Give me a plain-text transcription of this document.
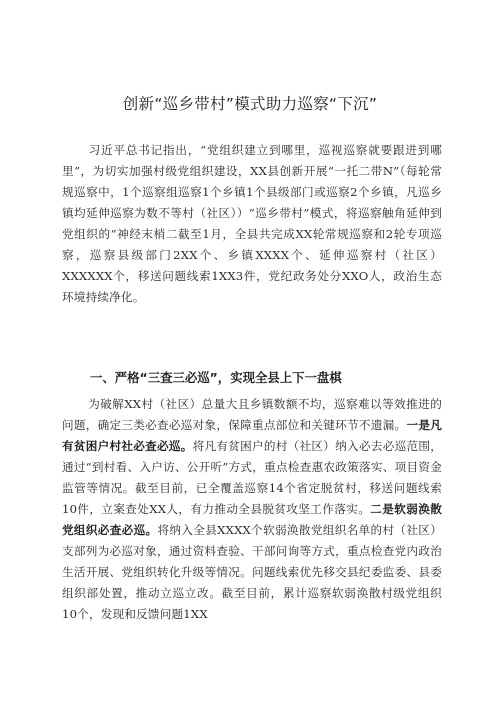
创新“巡乡带村”模式助力巡察“下沉”
习近平总书记指出，“党组织建立到哪里，巡视巡察就要跟进到哪里”，为切实加强村级党组织建设，XX县创新开展“一托二带N”（每轮常规巡察中，1个巡察组巡察1个乡镇1个县级部门或巡察2个乡镇，凡巡乡镇均延伸巡察为数不等村（社区））“巡乡带村”模式，将巡察触角延伸到党组织的“神经末梢二截至1月，全县共完成XX轮常规巡察和2轮专项巡察，巡察县级部门2XX个、乡镇XXXX个、延伸巡察村（社区）XXXXXX个，移送问题线索1XX3件，党纪政务处分XXO人，政治生态环境持续净化。
一、严格“三查三必巡”，实现全县上下一盘棋
为破解XX村（社区）总量大且乡镇数额不均，巡察难以等效推进的问题，确定三类必查必巡对象，保障重点部位和关键环节不遗漏。一是凡有贫困户村社必查必巡。将凡有贫困户的村（社区）纳入必去必巡范围，通过“到村看、入户访、公开听”方式，重点检查惠农政策落实、项目资金监管等情况。截至目前，已全覆盖巡察14个省定脱贫村，移送问题线索10件，立案查处XX人，有力推动全县脱贫攻坚工作落实。二是软弱涣散党组织必查必巡。将纳入全县XXXX个软弱涣散党组织名单的村（社区）支部列为必巡对象，通过资料查验、干部问询等方式，重点检查党内政治生活开展、党组织转化升级等情况。问题线索优先移交县纪委监委、县委组织部处置，推动立巡立改。截至目前，累计巡察软弱涣散村级党组织10个，发现和反馈问题1XX
